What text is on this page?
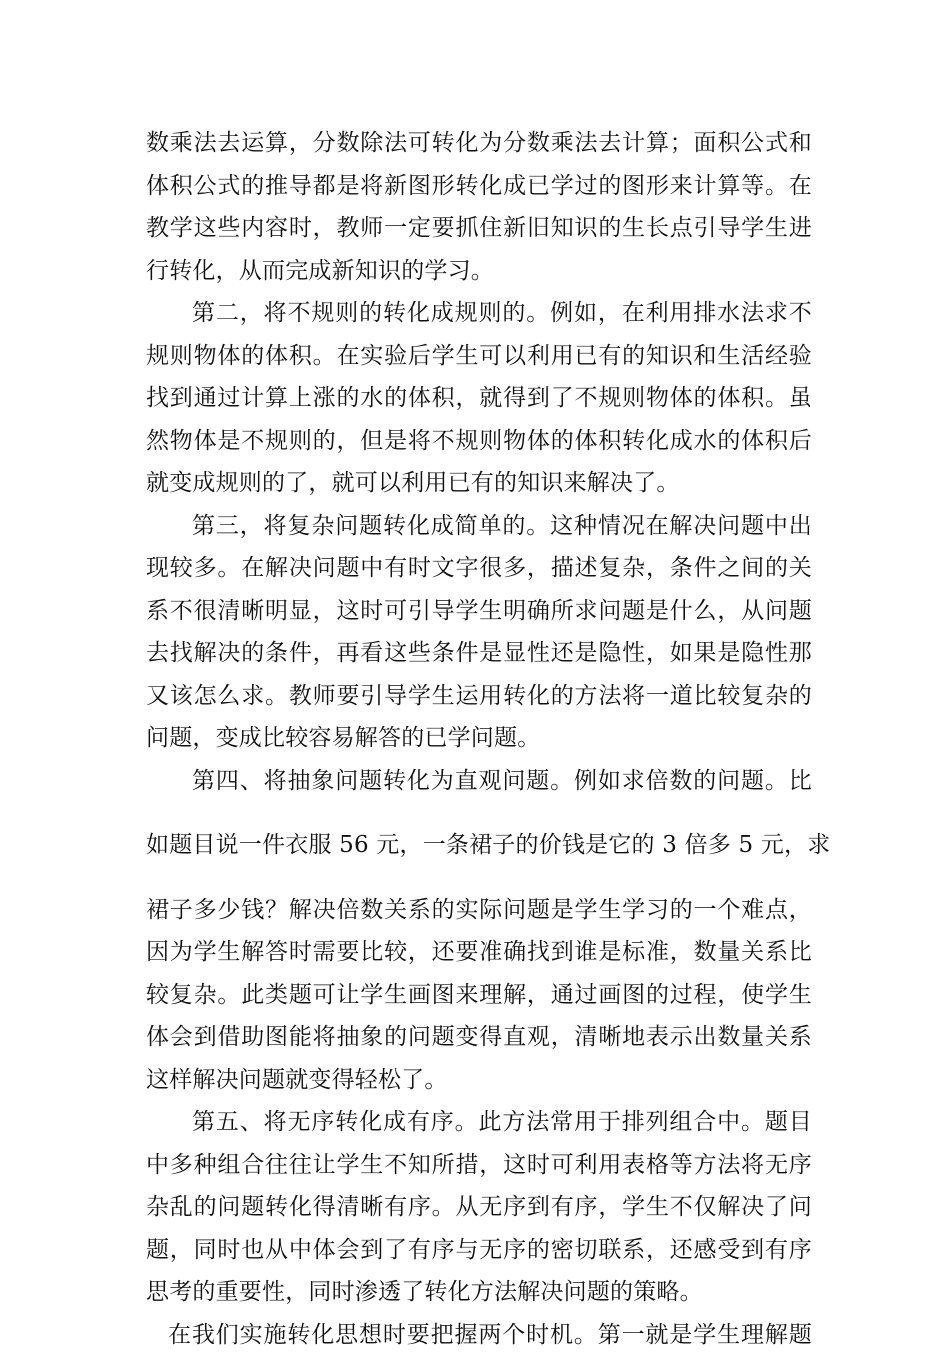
数乘法去运算，分数除法可转化为分数乘法去计算；面积公式和
体积公式的推导都是将新图形转化成已学过的图形来计算等。在
教学这些内容时，教师一定要抓住新旧知识的生长点引导学生进
行转化，从而完成新知识的学习。
第二，将不规则的转化成规则的。例如，在利用排水法求不
规则物体的体积。在实验后学生可以利用已有的知识和生活经验
找到通过计算上涨的水的体积，就得到了不规则物体的体积。虽
然物体是不规则的，但是将不规则物体的体积转化成水的体积后
就变成规则的了，就可以利用已有的知识来解决了。
第三，将复杂问题转化成简单的。这种情况在解决问题中出
现较多。在解决问题中有时文字很多，描述复杂，条件之间的关
系不很清晰明显，这时可引导学生明确所求问题是什么，从问题
去找解决的条件，再看这些条件是显性还是隐性，如果是隐性那
又该怎么求。教师要引导学生运用转化的方法将一道比较复杂的
问题，变成比较容易解答的已学问题。
第四、将抽象问题转化为直观问题。例如求倍数的问题。比
如题目说一件衣服 56 元，一条裙子的价钱是它的 3 倍多 5 元，求
裙子多少钱？解决倍数关系的实际问题是学生学习的一个难点，
因为学生解答时需要比较，还要准确找到谁是标准，数量关系比
较复杂。此类题可让学生画图来理解，通过画图的过程，使学生
体会到借助图能将抽象的问题变得直观，清晰地表示出数量关系
这样解决问题就变得轻松了。
第五、将无序转化成有序。此方法常用于排列组合中。题目
中多种组合往往让学生不知所措，这时可利用表格等方法将无序
杂乱的问题转化得清晰有序。从无序到有序，学生不仅解决了问
题，同时也从中体会到了有序与无序的密切联系，还感受到有序
思考的重要性，同时渗透了转化方法解决问题的策略。
在我们实施转化思想时要把握两个时机。第一就是学生理解题
